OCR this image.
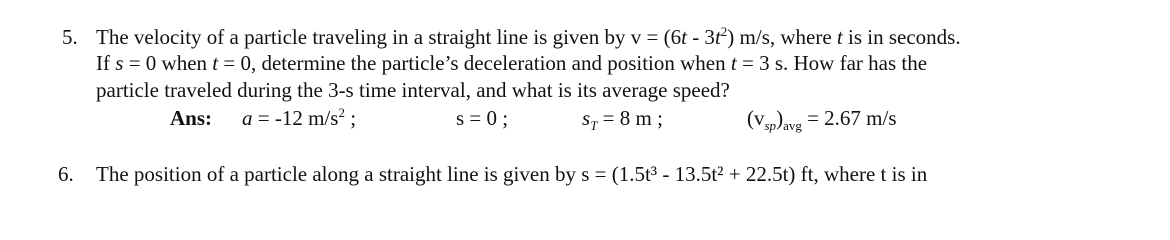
5. The velocity of a particle traveling in a straight line is given by $v = (6t - 3t^2)$ m/s, where t is in seconds.
If s = 0 when t = 0, determine the particle’s deceleration and position when t = 3 s. How far has the
particle traveled during the 3-s time interval, and what is its average speed?
Ans: a = -12 $m/s^2$ ;	s = 0 ;	$s_T = 8$ m ;	$(v_{sp})_{avg} = 2.67$ m/s
6. The position of a particle along a straight line is given by s = (1.5t³ - 13.5t² + 22.5t) ft, where t is in
